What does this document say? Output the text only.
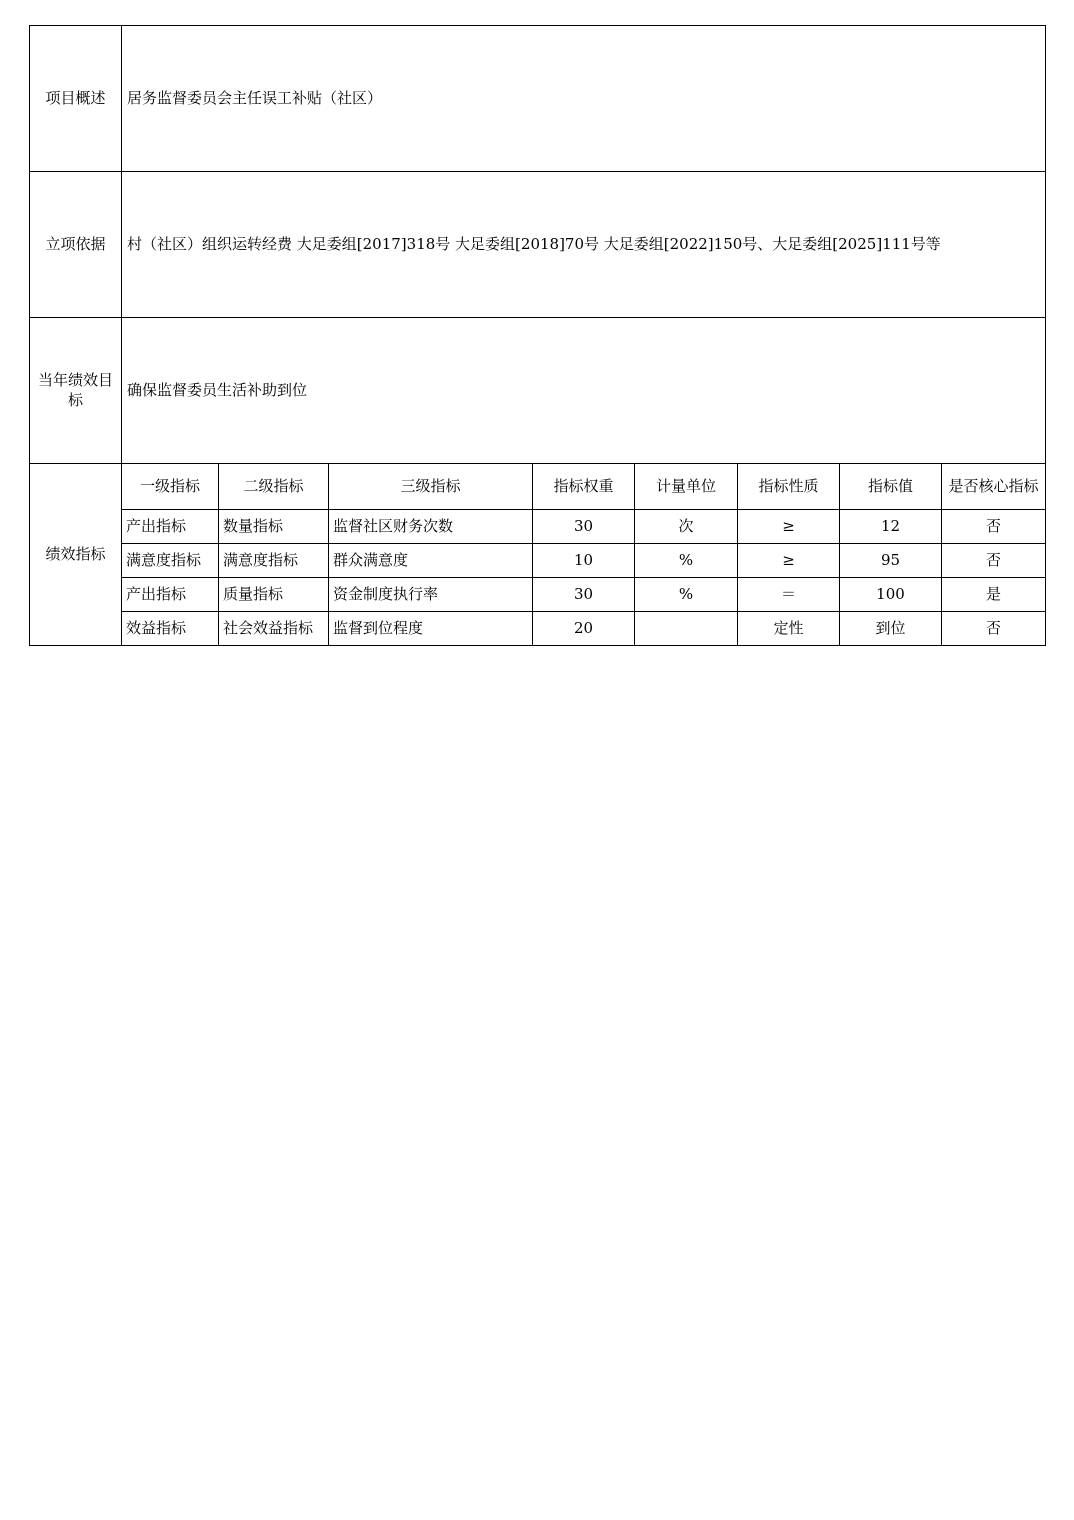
项目概述	居务监督委员会主任误工补贴（社区）							
立项依据	村（社区）组织运转经费 大足委组[2017]318号 大足委组[2018]70号 大足委组[2022]150号、大足委组[2025]111号等							
当年绩效目标	确保监督委员生活补助到位							
绩效指标	一级指标	二级指标	三级指标	指标权重	计量单位	指标性质	指标值	是否核心指标
	产出指标	数量指标	监督社区财务次数	30	次	≥	12	否
	满意度指标	满意度指标	群众满意度	10	%	≥	95	否
	产出指标	质量指标	资金制度执行率	30	%	＝	100	是
	效益指标	社会效益指标	监督到位程度	20		定性	到位	否
